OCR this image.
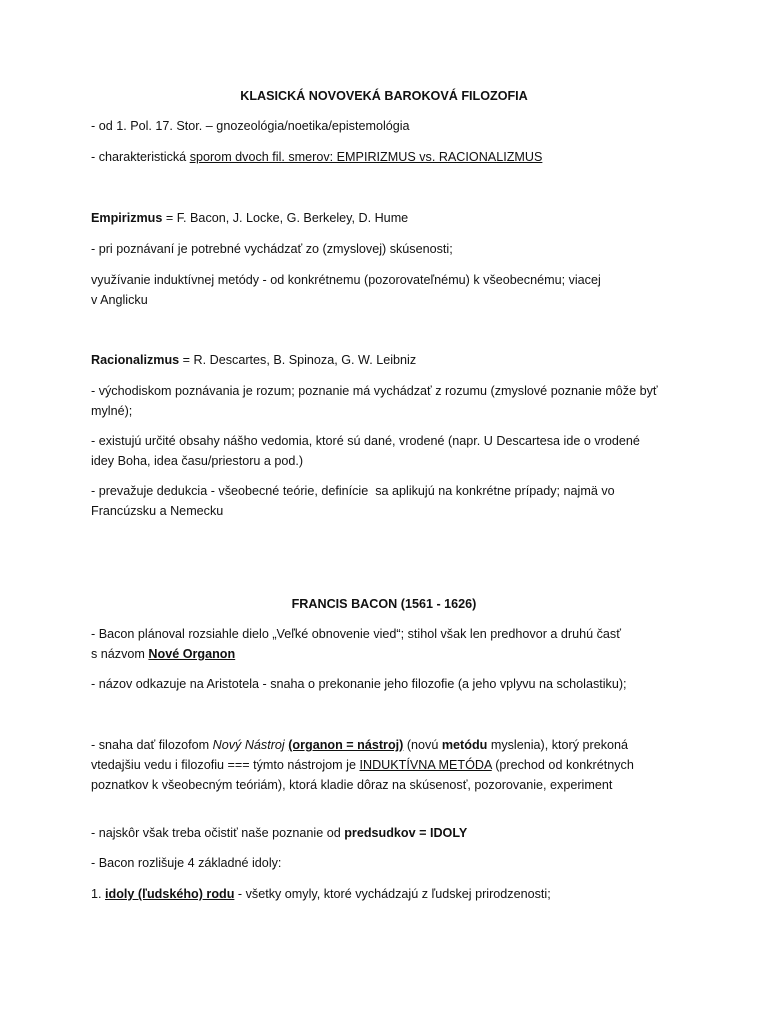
KLASICKÁ NOVOVEKÁ BAROKOVÁ FILOZOFIA

- od 1. Pol. 17. Stor. – gnozeológia/noetika/epistemológia

- charakteristická sporom dvoch fil. smerov: EMPIRIZMUS vs. RACIONALIZMUS

Empirizmus = F. Bacon, J. Locke, G. Berkeley, D. Hume

- pri poznávaní je potrebné vychádzať zo (zmyslovej) skúsenosti;

využívanie induktívnej metódy - od konkrétnemu (pozorovateľnému) k všeobecnému; viacej
v Anglicku

Racionalizmus = R. Descartes, B. Spinoza, G. W. Leibniz

- východiskom poznávania je rozum; poznanie má vychádzať z rozumu (zmyslové poznanie môže byť
mylné);

- existujú určité obsahy nášho vedomia, ktoré sú dané, vrodené (napr. U Descartesa ide o vrodené
idey Boha, idea času/priestoru a pod.)

- prevažuje dedukcia - všeobecné teórie, definície  sa aplikujú na konkrétne prípady; najmä vo
Francúzsku a Nemecku

FRANCIS BACON (1561 - 1626)

- Bacon plánoval rozsiahle dielo „Veľké obnovenie vied“; stihol však len predhovor a druhú časť
s názvom Nové Organon

- názov odkazuje na Aristotela - snaha o prekonanie jeho filozofie (a jeho vplyvu na scholastiku);

- snaha dať filozofom Nový Nástroj (organon = nástroj) (novú metódu myslenia), ktorý prekoná
vtedajšiu vedu i filozofiu === týmto nástrojom je INDUKTÍVNA METÓDA (prechod od konkrétnych
poznatkov k všeobecným teóriám), ktorá kladie dôraz na skúsenosť, pozorovanie, experiment

- najskôr však treba očistiť naše poznanie od predsudkov = IDOLY

- Bacon rozlišuje 4 základné idoly:

1. idoly (ľudského) rodu - všetky omyly, ktoré vychádzajú z ľudskej prirodzenosti;
